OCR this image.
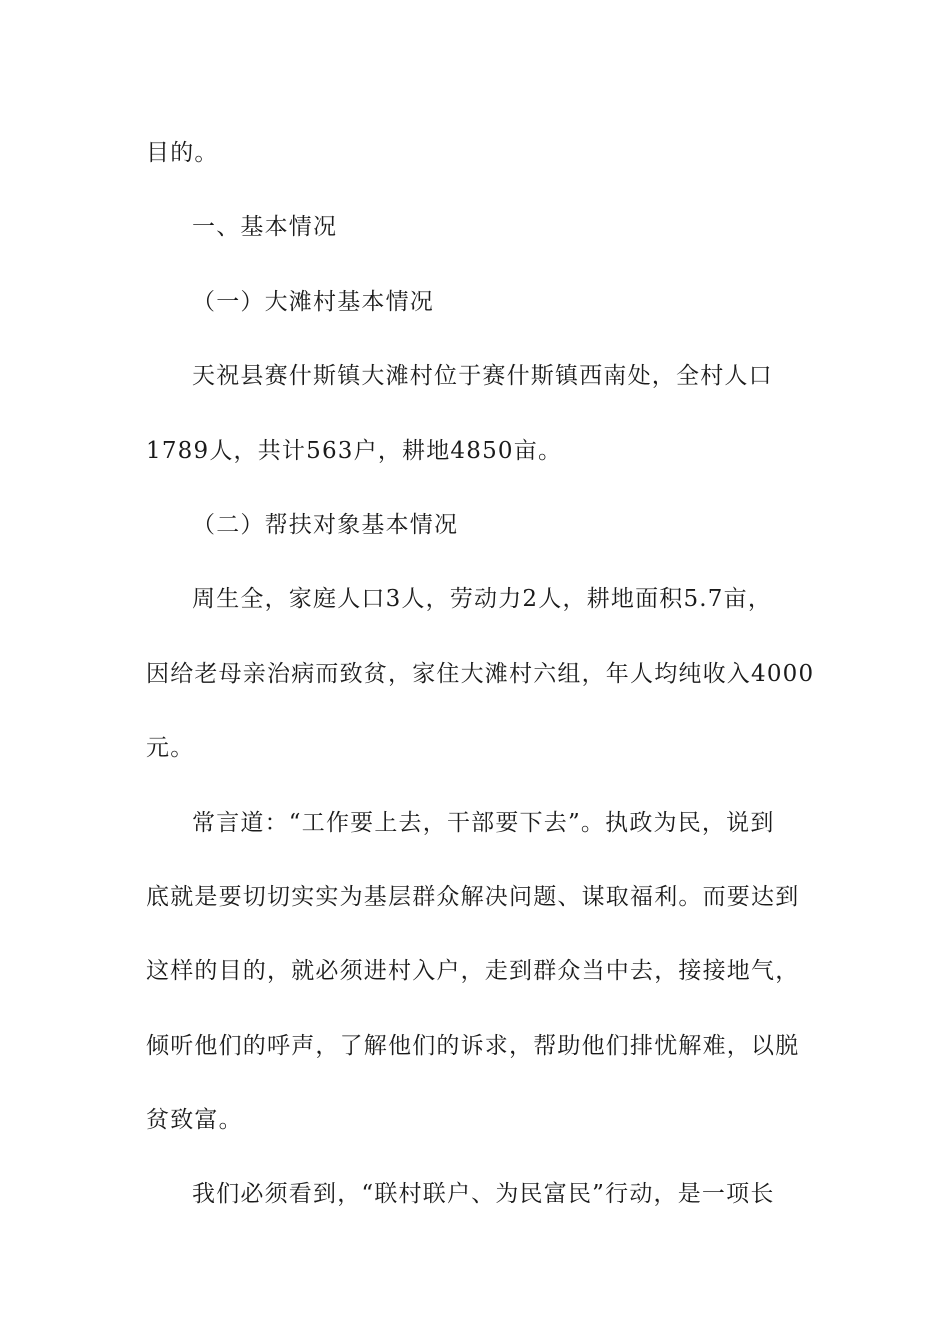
目的。
一、基本情况
（一）大滩村基本情况
天祝县赛什斯镇大滩村位于赛什斯镇西南处，全村人口
1789人，共计563户，耕地4850亩。
（二）帮扶对象基本情况
周生全，家庭人口3人，劳动力2人，耕地面积5.7亩，
因给老母亲治病而致贫，家住大滩村六组，年人均纯收入4000
元。
常言道：“工作要上去，干部要下去”。执政为民，说到
底就是要切切实实为基层群众解决问题、谋取福利。而要达到
这样的目的，就必须进村入户，走到群众当中去，接接地气，
倾听他们的呼声，了解他们的诉求，帮助他们排忧解难，以脱
贫致富。
我们必须看到，“联村联户、为民富民”行动，是一项长
